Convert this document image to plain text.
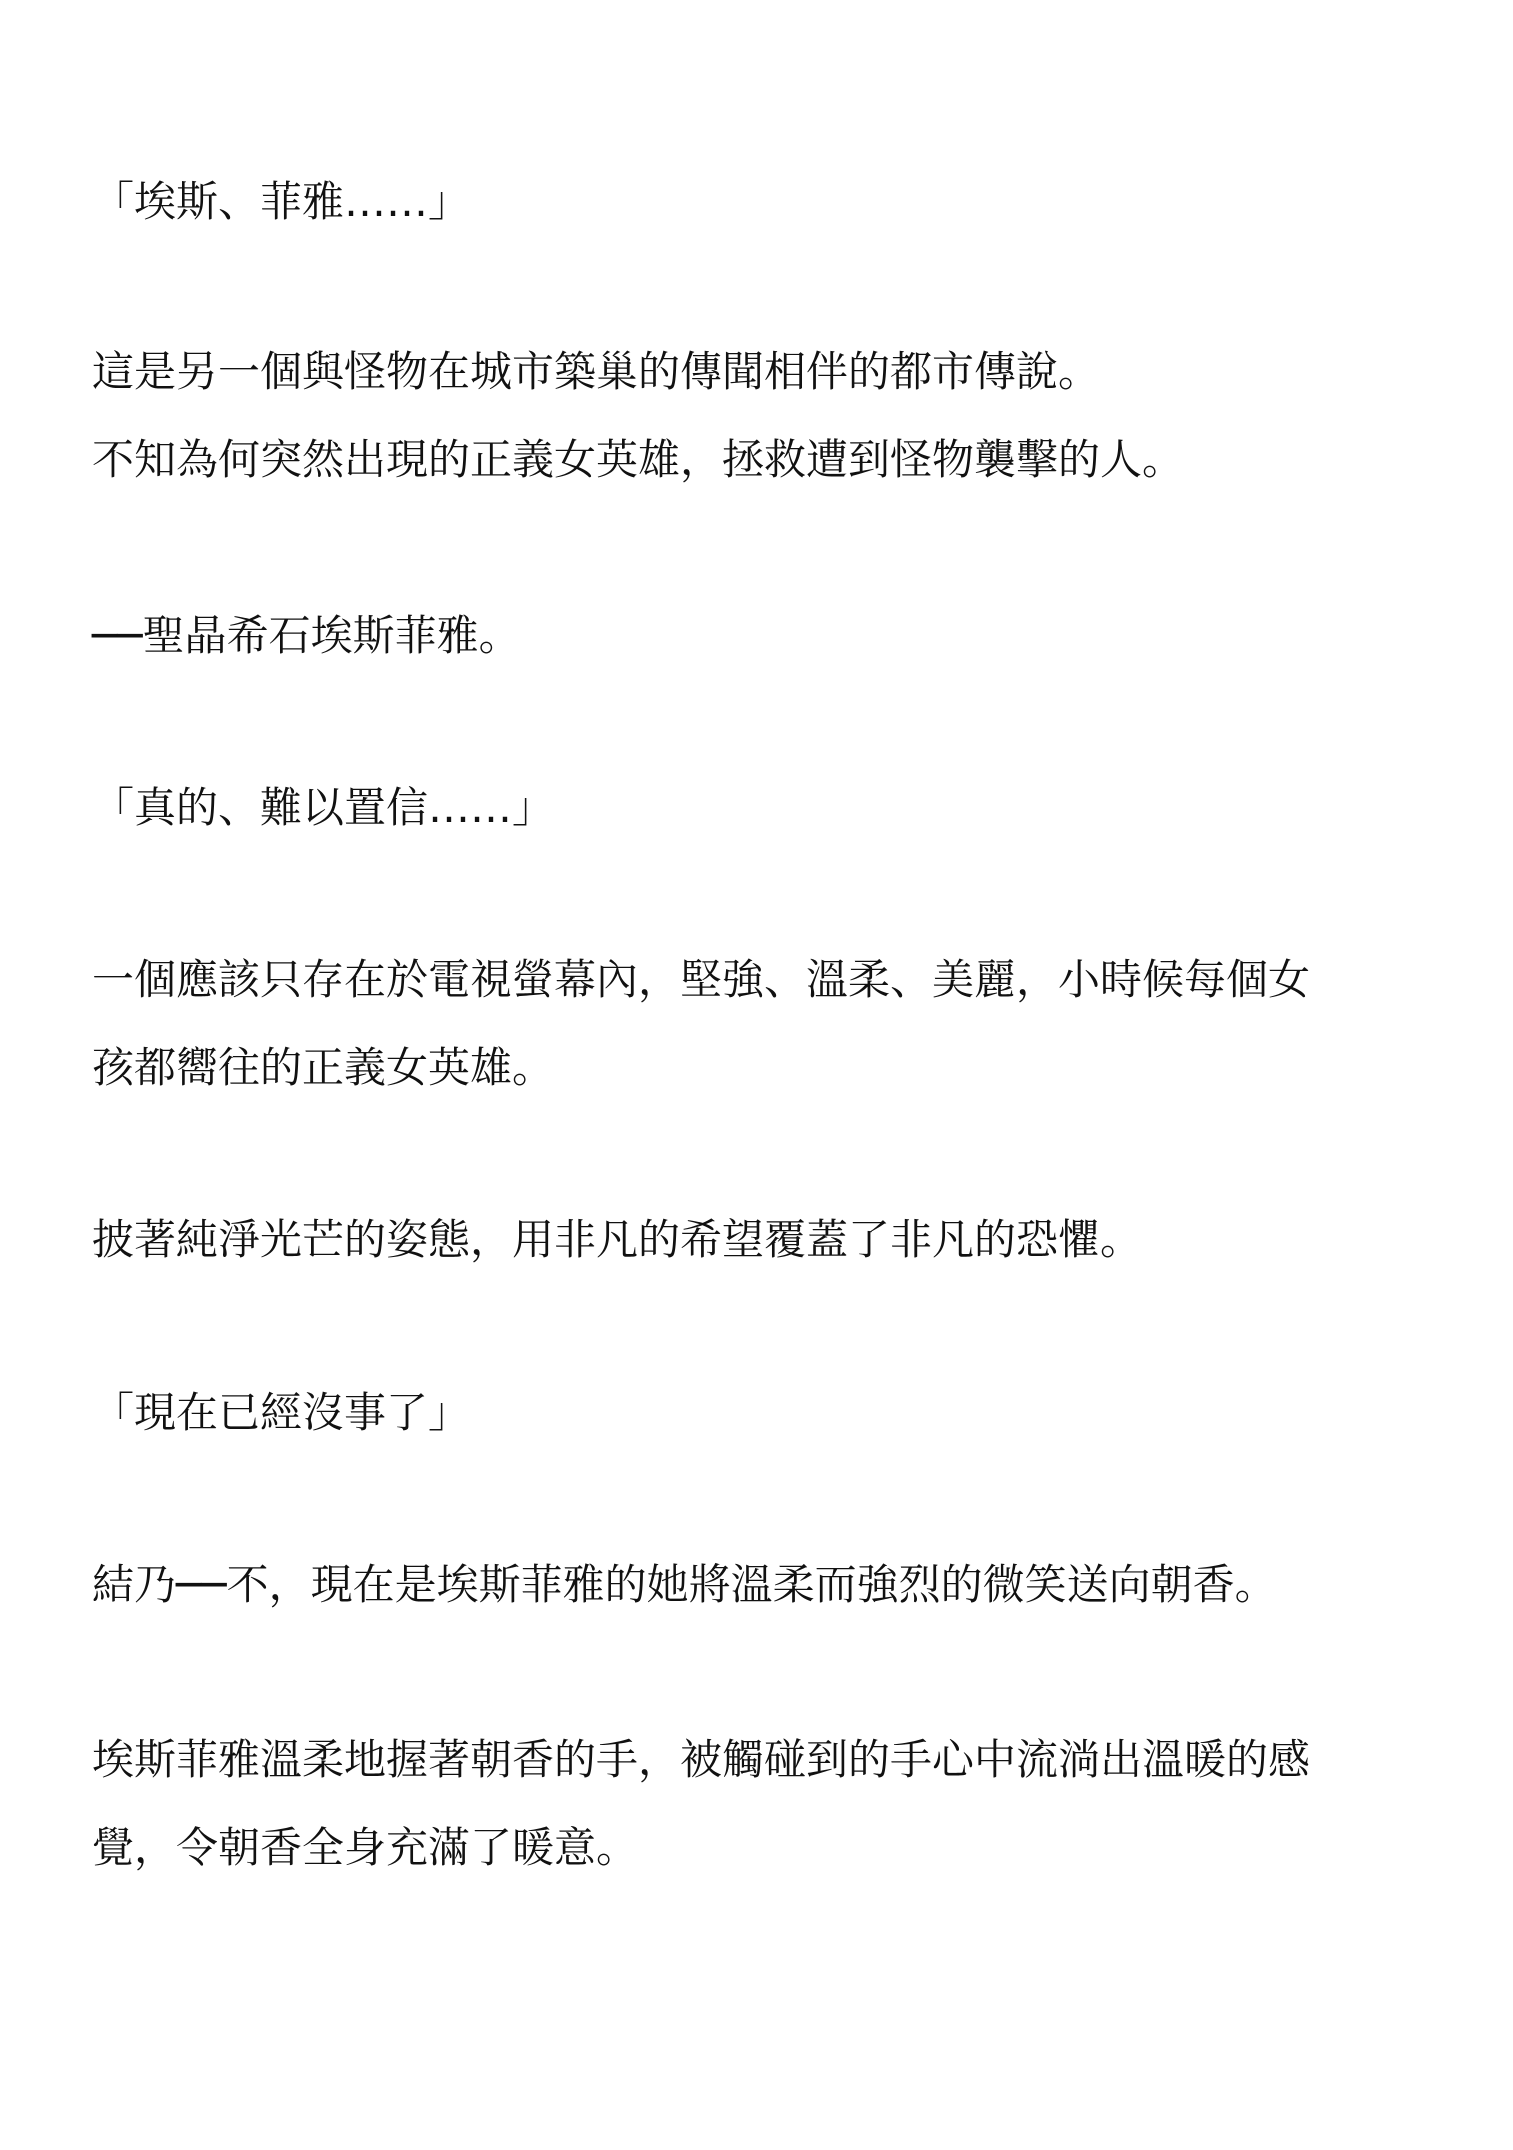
「埃斯、菲雅……」

這是另一個與怪物在城市築巢的傳聞相伴的都市傳說。

不知為何突然出現的正義女英雄，拯救遭到怪物襲擊的人。

──聖晶希石埃斯菲雅。

「真的、難以置信……」

一個應該只存在於電視螢幕內，堅強、溫柔、美麗，小時候每個女

孩都嚮往的正義女英雄。

披著純淨光芒的姿態，用非凡的希望覆蓋了非凡的恐懼。

「現在已經沒事了」

結乃──不，現在是埃斯菲雅的她將溫柔而強烈的微笑送向朝香。

埃斯菲雅溫柔地握著朝香的手，被觸碰到的手心中流淌出溫暖的感

覺，令朝香全身充滿了暖意。
